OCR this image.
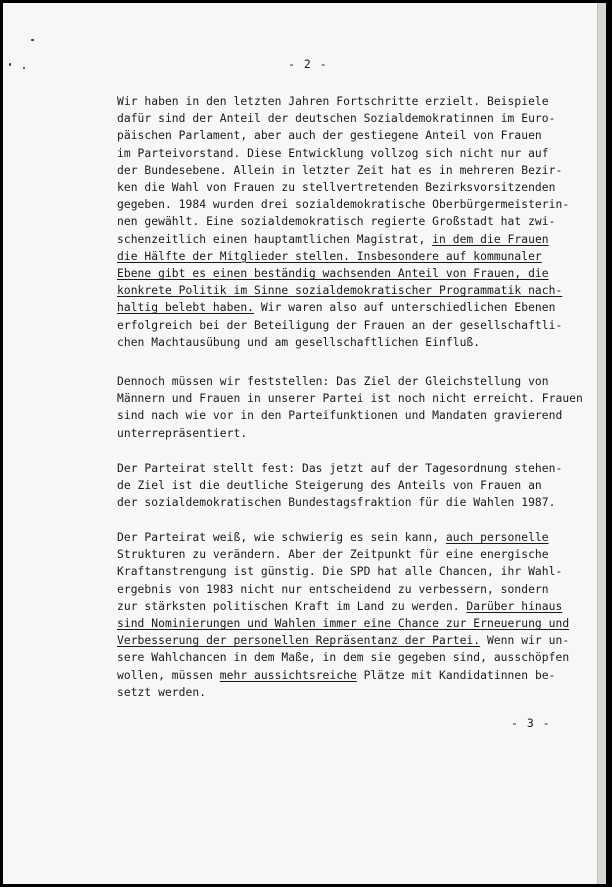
- 2 -
Wir haben in den letzten Jahren Fortschritte erzielt. Beispiele
dafür sind der Anteil der deutschen Sozialdemokratinnen im Euro-
päischen Parlament, aber auch der gestiegene Anteil von Frauen
im Parteivorstand. Diese Entwicklung vollzog sich nicht nur auf
der Bundesebene. Allein in letzter Zeit hat es in mehreren Bezir-
ken die Wahl von Frauen zu stellvertretenden Bezirksvorsitzenden
gegeben. 1984 wurden drei sozialdemokratische Oberbürgermeisterin-
nen gewählt. Eine sozialdemokratisch regierte Großstadt hat zwi-
schenzeitlich einen hauptamtlichen Magistrat, in dem die Frauen
die Hälfte der Mitglieder stellen. Insbesondere auf kommunaler
Ebene gibt es einen beständig wachsenden Anteil von Frauen, die
konkrete Politik im Sinne sozialdemokratischer Programmatik nach-
haltig belebt haben. Wir waren also auf unterschiedlichen Ebenen
erfolgreich bei der Beteiligung der Frauen an der gesellschaftli-
chen Machtausübung und am gesellschaftlichen Einfluß.
Dennoch müssen wir feststellen: Das Ziel der Gleichstellung von
Männern und Frauen in unserer Partei ist noch nicht erreicht. Frauen
sind nach wie vor in den Parteifunktionen und Mandaten gravierend
unterrepräsentiert.
Der Parteirat stellt fest: Das jetzt auf der Tagesordnung stehen-
de Ziel ist die deutliche Steigerung des Anteils von Frauen an
der sozialdemokratischen Bundestagsfraktion für die Wahlen 1987.
Der Parteirat weiß, wie schwierig es sein kann, auch personelle
Strukturen zu verändern. Aber der Zeitpunkt für eine energische
Kraftanstrengung ist günstig. Die SPD hat alle Chancen, ihr Wahl-
ergebnis von 1983 nicht nur entscheidend zu verbessern, sondern
zur stärksten politischen Kraft im Land zu werden. Darüber hinaus
sind Nominierungen und Wahlen immer eine Chance zur Erneuerung und
Verbesserung der personellen Repräsentanz der Partei. Wenn wir un-
sere Wahlchancen in dem Maße, in dem sie gegeben sind, ausschöpfen
wollen, müssen mehr aussichtsreiche Plätze mit Kandidatinnen be-
setzt werden.
- 3 -
